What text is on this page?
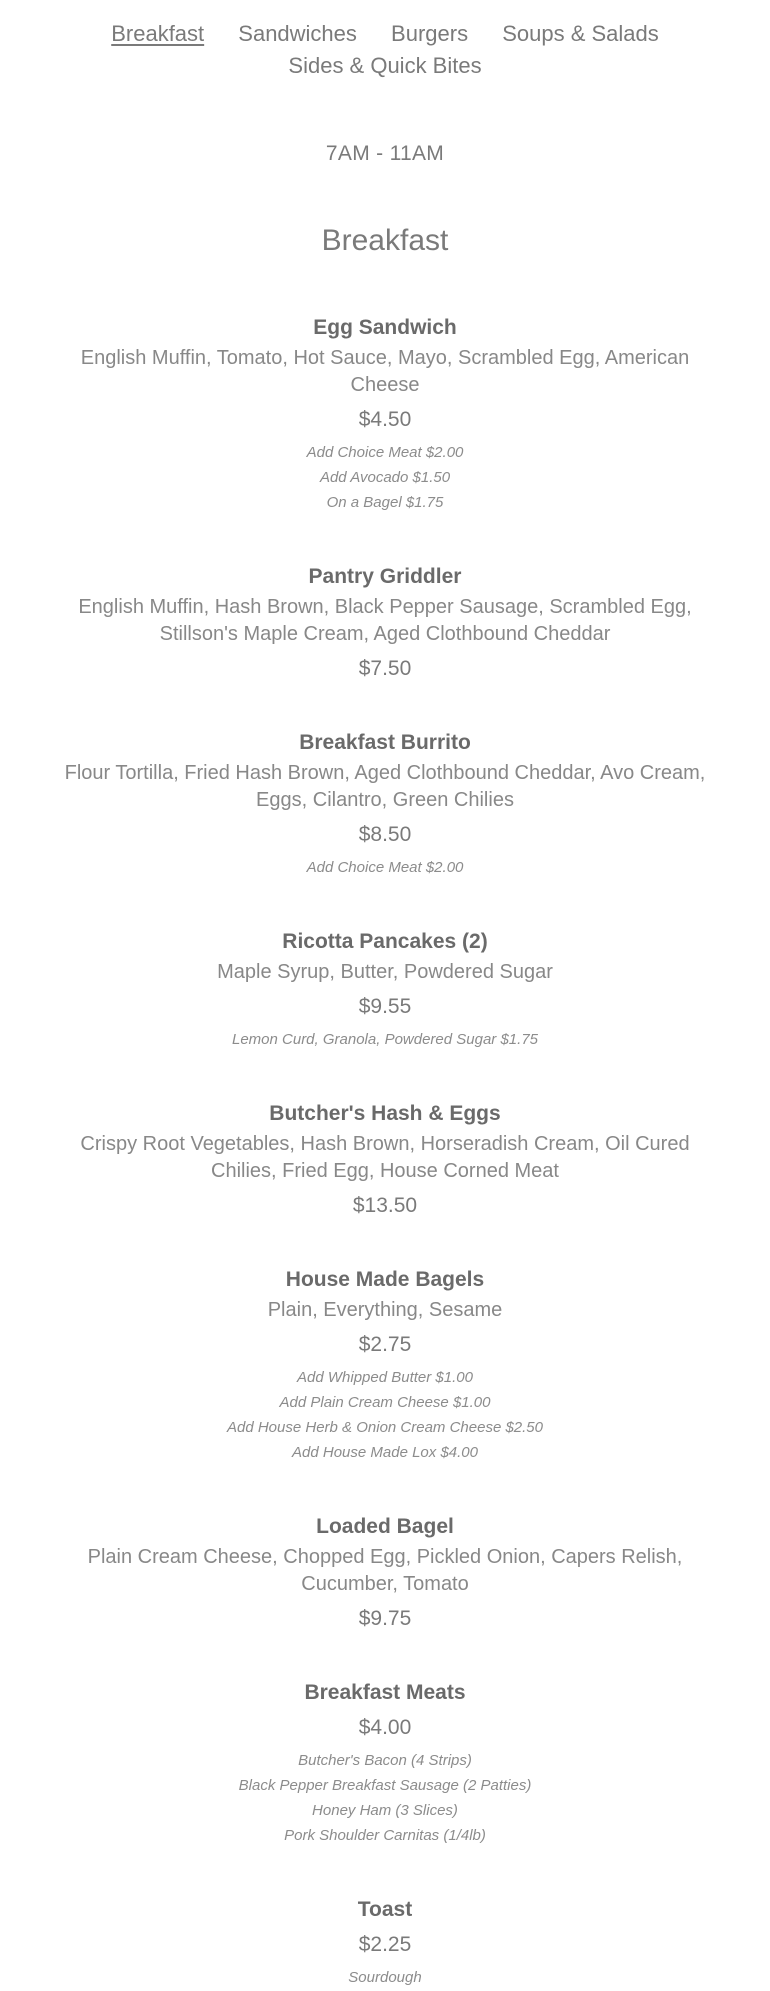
Breakfast Sandwiches Burgers Soups & Salads
Sides & Quick Bites
7AM - 11AM
Breakfast
Egg Sandwich
English Muffin, Tomato, Hot Sauce, Mayo, Scrambled Egg, American Cheese
$4.50
Add Choice Meat $2.00
Add Avocado $1.50
On a Bagel $1.75
Pantry Griddler
English Muffin, Hash Brown, Black Pepper Sausage, Scrambled Egg, Stillson's Maple Cream, Aged Clothbound Cheddar
$7.50
Breakfast Burrito
Flour Tortilla, Fried Hash Brown, Aged Clothbound Cheddar, Avo Cream, Eggs, Cilantro, Green Chilies
$8.50
Add Choice Meat $2.00
Ricotta Pancakes (2)
Maple Syrup, Butter, Powdered Sugar
$9.55
Lemon Curd, Granola, Powdered Sugar $1.75
Butcher's Hash & Eggs
Crispy Root Vegetables, Hash Brown, Horseradish Cream, Oil Cured Chilies, Fried Egg, House Corned Meat
$13.50
House Made Bagels
Plain, Everything, Sesame
$2.75
Add Whipped Butter $1.00
Add Plain Cream Cheese $1.00
Add House Herb & Onion Cream Cheese $2.50
Add House Made Lox $4.00
Loaded Bagel
Plain Cream Cheese, Chopped Egg, Pickled Onion, Capers Relish, Cucumber, Tomato
$9.75
Breakfast Meats
$4.00
Butcher's Bacon (4 Strips)
Black Pepper Breakfast Sausage (2 Patties)
Honey Ham (3 Slices)
Pork Shoulder Carnitas (1/4lb)
Toast
$2.25
Sourdough
